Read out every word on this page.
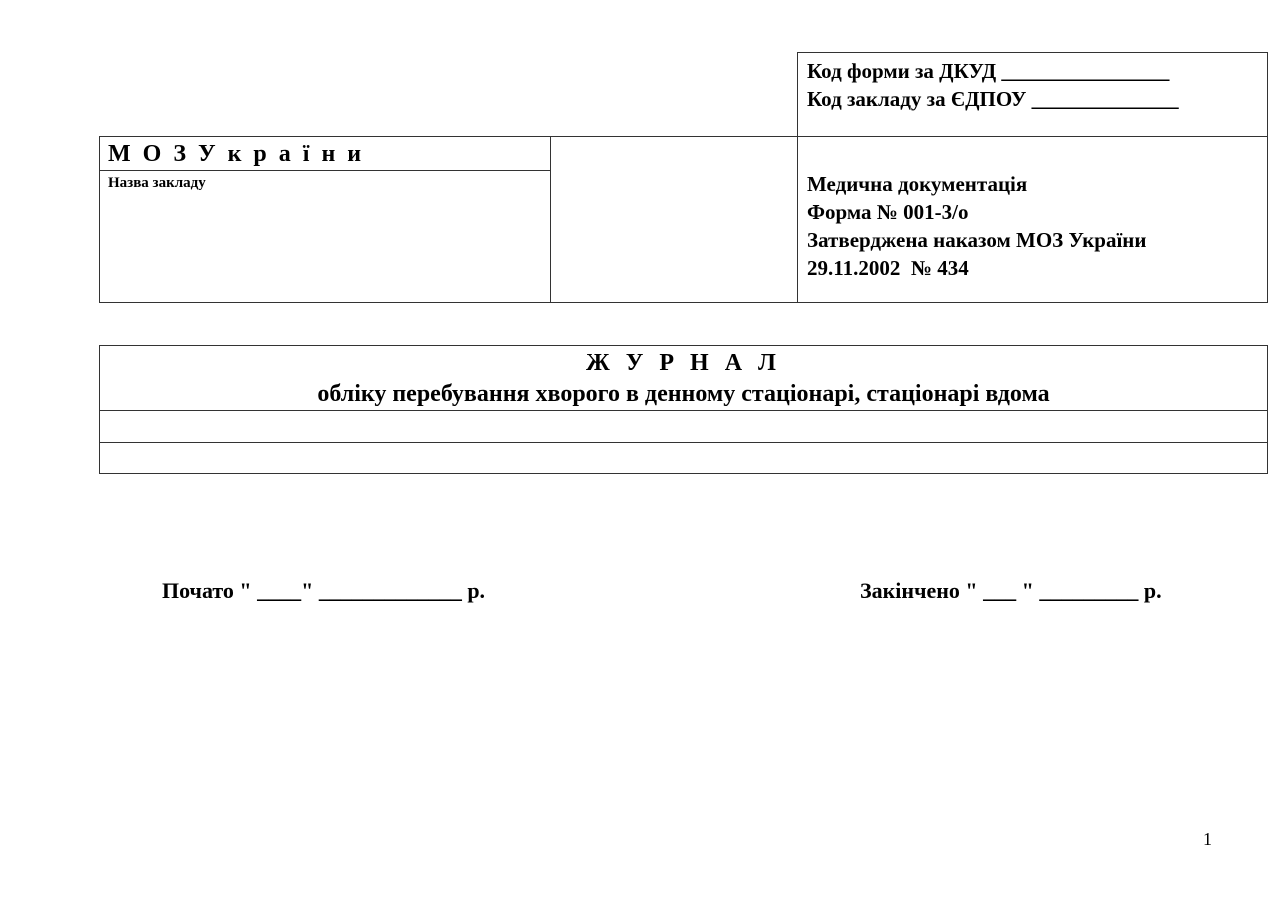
Код форми за ДКУД ________________
Код закладу за ЄДПОУ ______________
М О З У к р а ї н и
Назва закладу	Медична документація
Форма № 001-3/о
Затверджена наказом МОЗ України
29.11.2002  № 434
Ж У Р Н А Л
обліку перебування хворого в денному стаціонарі, стаціонарі вдома
Почато " ____" _____________ р.	Закінчено " ___ " _________ р.
1
